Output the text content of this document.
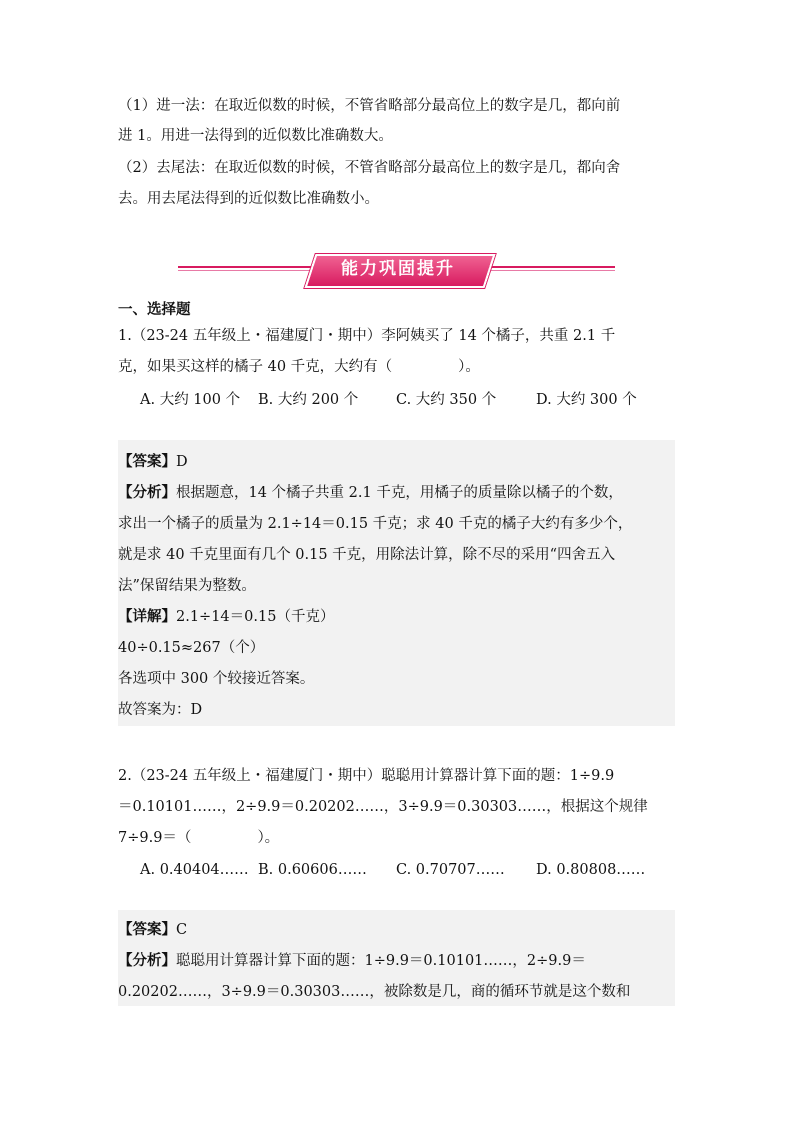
（1）进一法：在取近似数的时候，不管省略部分最高位上的数字是几，都向前
进 1。用进一法得到的近似数比准确数大。
（2）去尾法：在取近似数的时候，不管省略部分最高位上的数字是几，都向舍
去。用去尾法得到的近似数比准确数小。
能力巩固提升
一、选择题
1.（23-24 五年级上・福建厦门・期中）李阿姨买了 14 个橘子，共重 2.1 千
克，如果买这样的橘子 40 千克，大约有（	）。
A. 大约 100 个 B. 大约 200 个	C. 大约 350 个	D. 大约 300 个
【答案】D
【分析】根据题意，14 个橘子共重 2.1 千克，用橘子的质量除以橘子的个数，
求出一个橘子的质量为 2.1÷14＝0.15 千克；求 40 千克的橘子大约有多少个，
就是求 40 千克里面有几个 0.15 千克，用除法计算，除不尽的采用“四舍五入
法”保留结果为整数。
【详解】2.1÷14＝0.15（千克）
40÷0.15≈267（个）
各选项中 300 个较接近答案。
故答案为：D
2.（23-24 五年级上・福建厦门・期中）聪聪用计算器计算下面的题：1÷9.9
＝0.10101……，2÷9.9＝0.20202……，3÷9.9＝0.30303……，根据这个规律
7÷9.9＝（	）。
A. 0.40404…… B. 0.60606…… C. 0.70707…… D. 0.80808……
【答案】C
【分析】聪聪用计算器计算下面的题：1÷9.9＝0.10101……，2÷9.9＝
0.20202……，3÷9.9＝0.30303……，被除数是几，商的循环节就是这个数和
